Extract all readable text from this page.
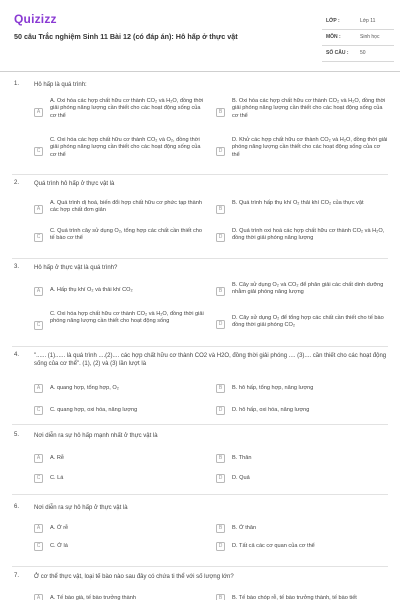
Quizizz
50 câu Trắc nghiệm Sinh 11 Bài 12 (có đáp án): Hô hấp ở thực vật
LỚP :	Lớp 11
MÔN :	Sinh học
SỐ CÂU : 50
1. Hô hấp là quá trình:
A
A. Oxi hóa các hợp chất hữu cơ thành CO₂ và H₂O, đồng thời giải phóng năng lượng cần thiết cho các hoạt động sống của cơ thể
B
B. Oxi hóa các hợp chất hữu cơ thành CO₂ và H₂O, đồng thời giải phóng năng lượng cần thiết cho các hoạt động sống của cơ thể
C
C. Oxi hóa các hợp chất hữu cơ thành CO₂ và O₂, đồng thời giải phóng năng lượng cần thiết cho các hoạt động sống của cơ thể
D
D. Khử các hợp chất hữu cơ thành CO₂ và H₂O, đồng thời giải phóng năng lượng cần thiết cho các hoạt động sống của cơ thể
2. Quá trình hô hấp ở thực vật là
A
A. Quá trình dị hoá, biến đổi hợp chất hữu cơ phức tạp thành các hợp chất đơn giản	B
B. Quá trình hấp thụ khí O₂ thải khí CO₂ của thực vật
C
C. Quá trình cây sử dụng O₂, tổng hợp các chất cần thiết cho tế bào cơ thể	D
D. Quá trình oxi hoá các hợp chất hữu cơ thành CO₂ và H₂O, đồng thời giải phóng năng lượng
3. Hô hấp ở thực vật là quá trình?
A	A. Hấp thụ khí O₂ và thải khí CO₂	B
B. Cây sử dụng O₂ và CO₂ để phân giải các chất dinh dưỡng nhằm giải phóng năng lượng
C
C. Oxi hóa hợp chất hữu cơ thành CO₂ và H₂O, đồng thời giải phóng năng lượng cần thiết cho hoạt động sống	D
D. Cây sử dụng O₂ để tổng hợp các chất cần thiết cho tế bào đồng thời giải phóng CO₂
4. "...... (1)...... là quá trình ....(2).... các hợp chất hữu cơ thành CO2 và H2O, đồng thời giải phóng .... (3).... cần thiết cho các hoạt động sống của cơ thể". (1), (2) và (3) lần lượt là
A	A. quang hợp, tổng hợp, O₂	B	B. hô hấp, tổng hợp, năng lượng
C	C. quang hợp, oxi hóa, năng lượng	D	D. hô hấp, oxi hóa, năng lượng
5. Nơi diễn ra sự hô hấp mạnh nhất ở thực vật là
A	A. Rễ	B	B. Thân
C	C. Lá	D	D. Quả
6. Nơi diễn ra sự hô hấp ở thực vật là
A	A. Ở rễ	B	B. Ở thân
C	C. Ở lá	D	D. Tất cả các cơ quan của cơ thể
7. Ở cơ thể thực vật, loại tế bào nào sau đây có chứa ti thể với số lượng lớn?
A	A. Tế bào già, tế bào trưởng thành	B	B. Tế bào chóp rễ, tế bào trưởng thành, tế bào tiết
